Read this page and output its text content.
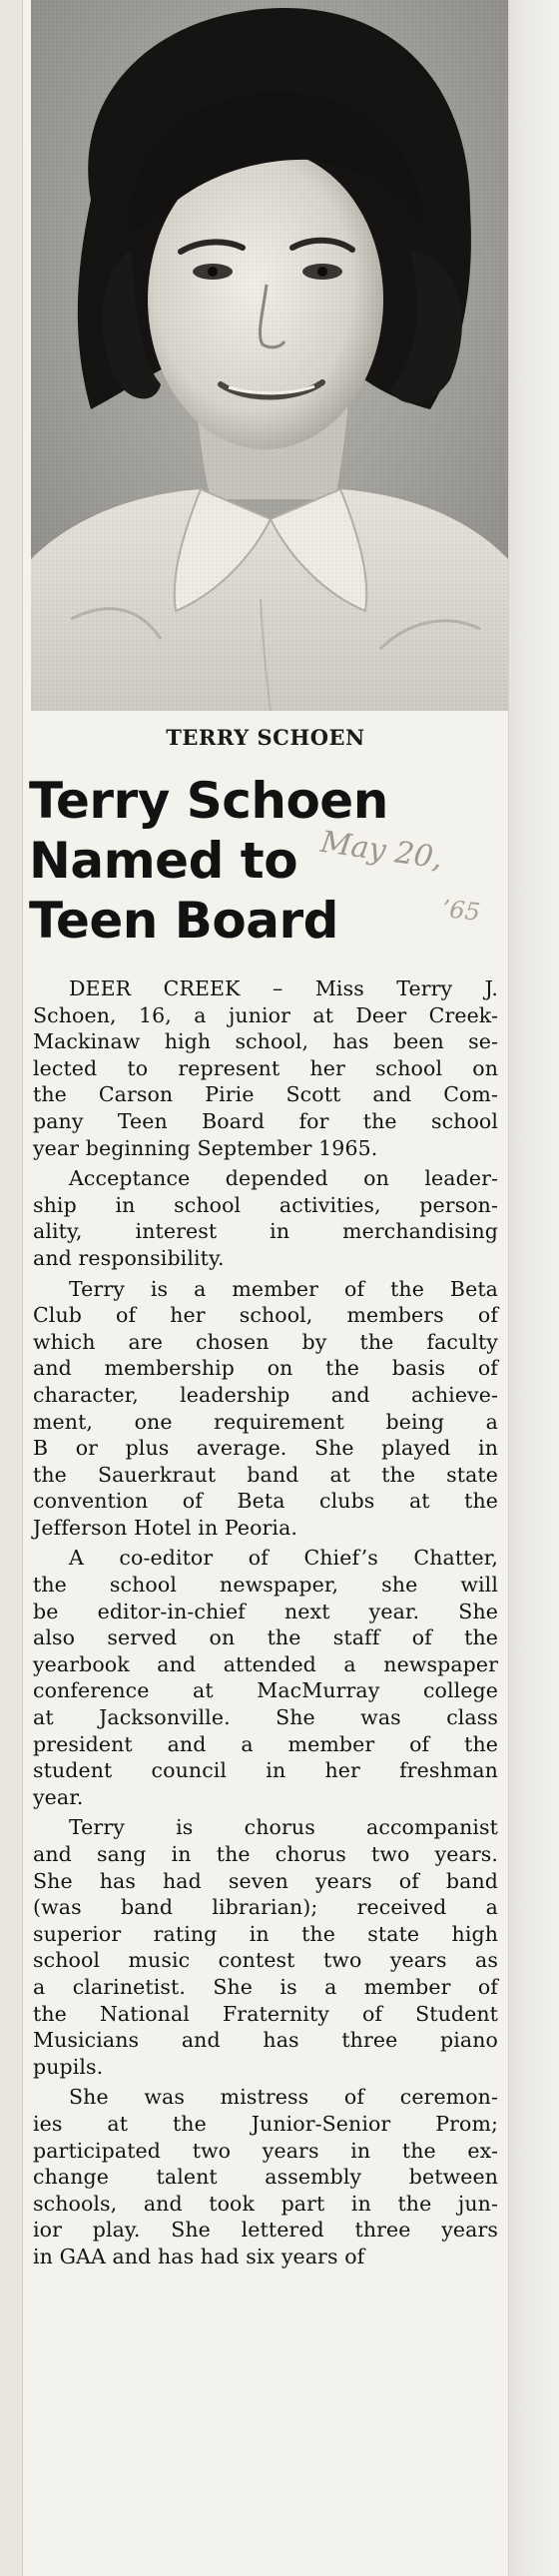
TERRY SCHOEN
Terry Schoen
Named to
Teen Board
May 20,
’65
DEER CREEK – Miss Terry J.
Schoen, 16, a junior at Deer Creek-
Mackinaw high school, has been se-
lected to represent her school on
the Carson Pirie Scott and Com-
pany Teen Board for the school
year beginning September 1965.
Acceptance depended on leader-
ship in school activities, person-
ality, interest in merchandising
and responsibility.
Terry is a member of the Beta
Club of her school, members of
which are chosen by the faculty
and membership on the basis of
character, leadership and achieve-
ment, one requirement being a
B or plus average. She played in
the Sauerkraut band at the state
convention of Beta clubs at the
Jefferson Hotel in Peoria.
A co-editor of Chief’s Chatter,
the school newspaper, she will
be editor-in-chief next year. She
also served on the staff of the
yearbook and attended a newspaper
conference at MacMurray college
at Jacksonville. She was class
president and a member of the
student council in her freshman
year.
Terry is chorus accompanist
and sang in the chorus two years.
She has had seven years of band
(was band librarian); received a
superior rating in the state high
school music contest two years as
a clarinetist. She is a member of
the National Fraternity of Student
Musicians and has three piano
pupils.
She was mistress of ceremon-
ies at the Junior-Senior Prom;
participated two years in the ex-
change talent assembly between
schools, and took part in the jun-
ior play. She lettered three years
in GAA and has had six years of
